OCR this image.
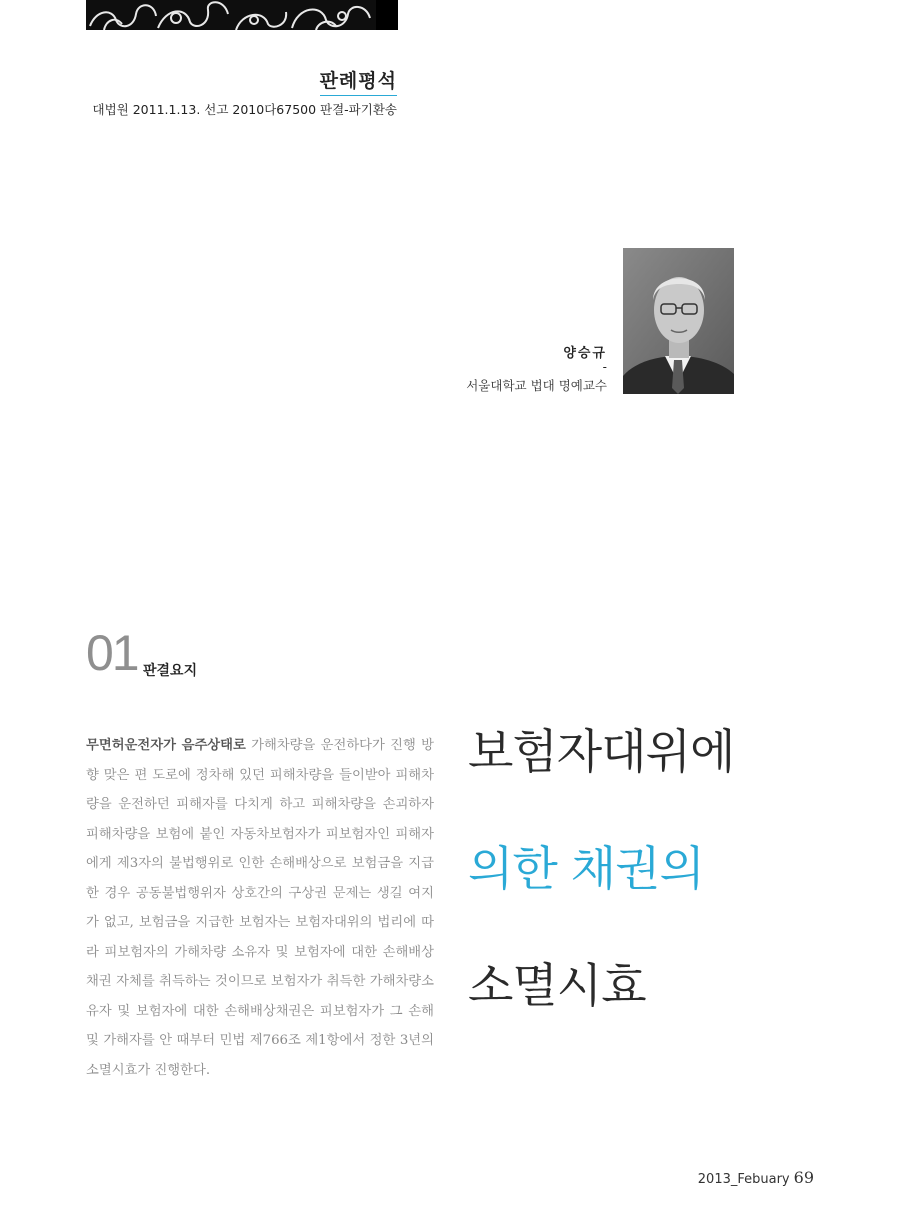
판례평석
대법원 2011.1.13. 선고 2010다67500 판결-파기환송
양승규
-
서울대학교 법대 명예교수
01 판결요지
무면허운전자가 음주상태로 가해차량을 운전하다가 진행 방향 맞은 편 도로에 정차해 있던 피해차량을 들이받아 피해차량을 운전하던 피해자를 다치게 하고 피해차량을 손괴하자 피해차량을 보험에 붙인 자동차보험자가 피보험자인 피해자에게 제3자의 불법행위로 인한 손해배상으로 보험금을 지급한 경우 공동불법행위자 상호간의 구상권 문제는 생길 여지가 없고, 보험금을 지급한 보험자는 보험자대위의 법리에 따라 피보험자의 가해차량 소유자 및 보험자에 대한 손해배상채권 자체를 취득하는 것이므로 보험자가 취득한 가해차량소유자 및 보험자에 대한 손해배상채권은 피보험자가 그 손해 및 가해자를 안 때부터 민법 제766조 제1항에서 정한 3년의 소멸시효가 진행한다.
보험자대위에
의한 채권의
소멸시효
2013_Febuary 69
